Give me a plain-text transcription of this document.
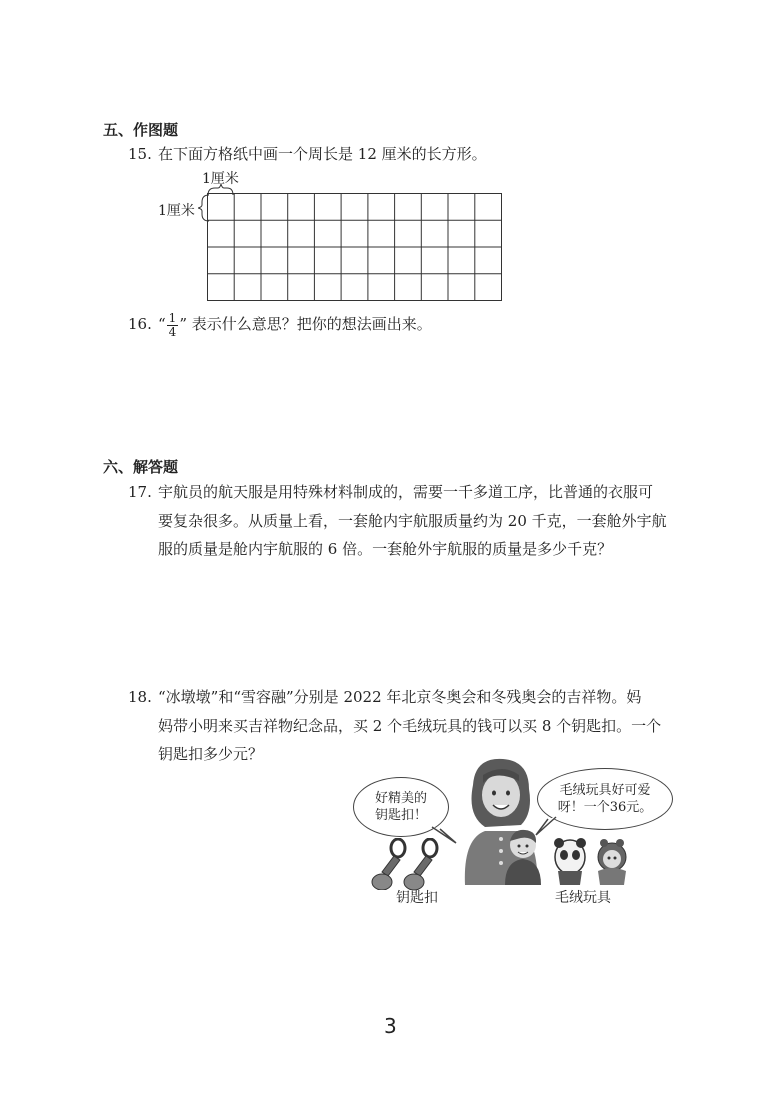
五、作图题
15. 在下面方格纸中画一个周长是 12 厘米的长方形。
1厘米
1厘米
16. “ $\frac{1}{4}$ ” 表示什么意思？把你的想法画出来。
六、解答题
17. 宇航员的航天服是用特殊材料制成的，需要一千多道工序，比普通的衣服可
要复杂很多。从质量上看，一套舱内宇航服质量约为 20 千克，一套舱外宇航
服的质量是舱内宇航服的 6 倍。一套舱外宇航服的质量是多少千克？
18. “冰墩墩”和“雪容融”分别是 2022 年北京冬奥会和冬残奥会的吉祥物。妈
妈带小明来买吉祥物纪念品，买 2 个毛绒玩具的钱可以买 8 个钥匙扣。一个
钥匙扣多少元？
好精美的
钥匙扣！
毛绒玩具好可爱
呀！一个36元。
钥匙扣	毛绒玩具
3
